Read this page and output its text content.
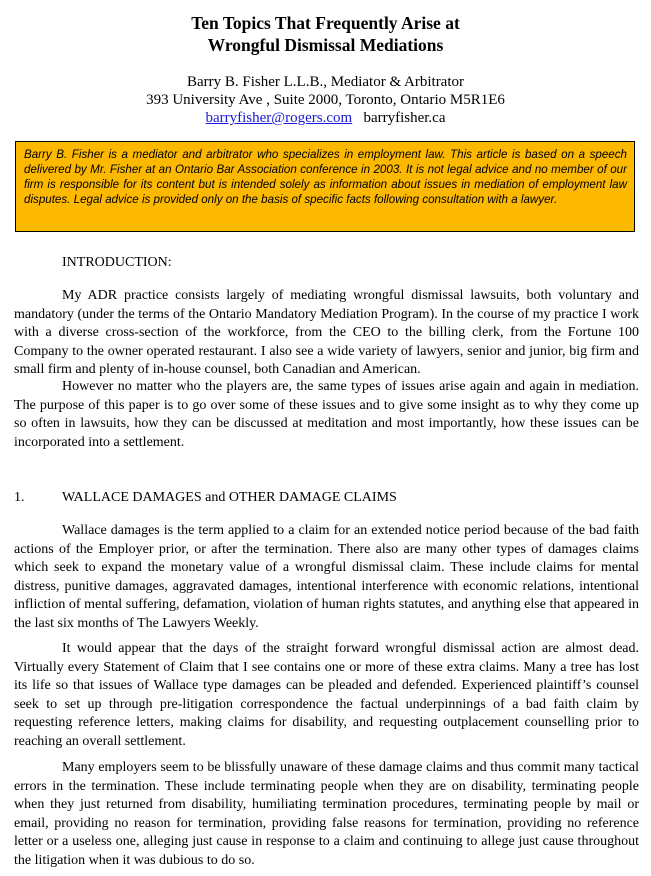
Ten Topics That Frequently Arise at
Wrongful Dismissal Mediations
Barry B. Fisher L.L.B., Mediator & Arbitrator
393 University Ave , Suite 2000, Toronto, Ontario M5R1E6
barryfisher@rogers.com barryfisher.ca
Barry B. Fisher is a mediator and arbitrator who specializes in employment law. This article is based on a speech delivered by Mr. Fisher at an Ontario Bar Association conference in 2003. It is not legal advice and no member of our firm is responsible for its content but is intended solely as information about issues in mediation of employment law disputes. Legal advice is provided only on the basis of specific facts following consultation with a lawyer.
INTRODUCTION:

My ADR practice consists largely of mediating wrongful dismissal lawsuits, both voluntary and mandatory (under the terms of the Ontario Mandatory Mediation Program). In the course of my practice I work with a diverse cross-section of the workforce, from the CEO to the billing clerk, from the Fortune 100 Company to the owner operated restaurant. I also see a wide variety of lawyers, senior and junior, big firm and small firm and plenty of in-house counsel, both Canadian and American.

However no matter who the players are, the same types of issues arise again and again in mediation. The purpose of this paper is to go over some of these issues and to give some insight as to why they come up so often in lawsuits, how they can be discussed at meditation and most importantly, how these issues can be incorporated into a settlement.

1.	WALLACE DAMAGES and OTHER DAMAGE CLAIMS

Wallace damages is the term applied to a claim for an extended notice period because of the bad faith actions of the Employer prior, or after the termination. There also are many other types of damages claims which seek to expand the monetary value of a wrongful dismissal claim. These include claims for mental distress, punitive damages, aggravated damages, intentional interference with economic relations, intentional infliction of mental suffering, defamation, violation of human rights statutes, and anything else that appeared in the last six months of The Lawyers Weekly.

It would appear that the days of the straight forward wrongful dismissal action are almost dead. Virtually every Statement of Claim that I see contains one or more of these extra claims. Many a tree has lost its life so that issues of Wallace type damages can be pleaded and defended. Experienced plaintiff’s counsel seek to set up through pre-litigation correspondence the factual underpinnings of a bad faith claim by requesting reference letters, making claims for disability, and requesting outplacement counselling prior to reaching an overall settlement.

Many employers seem to be blissfully unaware of these damage claims and thus commit many tactical errors in the termination. These include terminating people when they are on disability, terminating people when they just returned from disability, humiliating termination procedures, terminating people by mail or email, providing no reason for termination, providing false reasons for termination, providing no reference letter or a useless one, alleging just cause in response to a claim and continuing to allege just cause throughout the litigation when it was dubious to do so.
